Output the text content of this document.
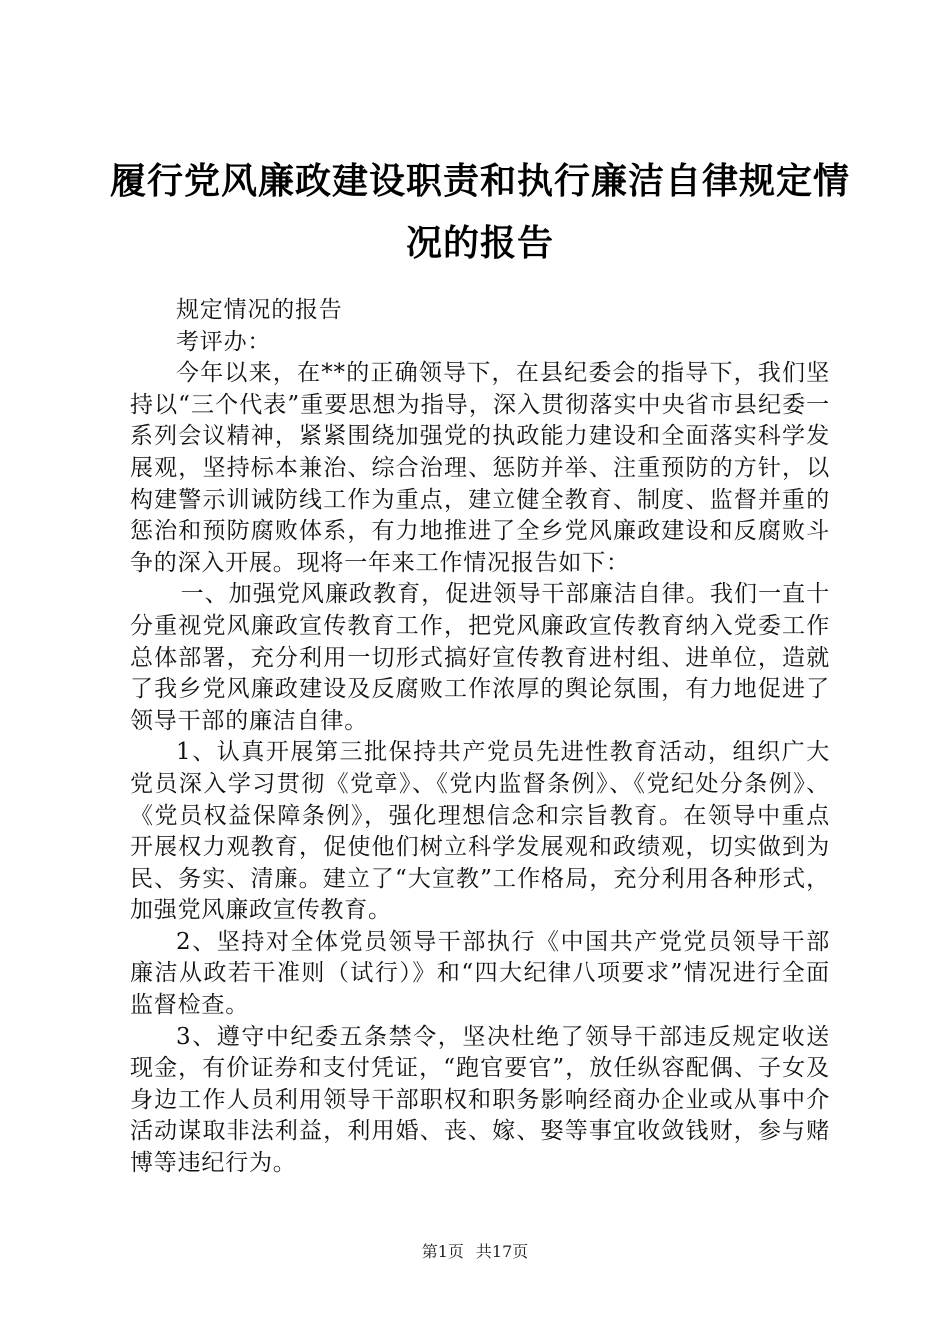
履行党风廉政建设职责和执行廉洁自律规定情
况的报告

规定情况的报告

考评办：

今年以来，在**的正确领导下，在县纪委会的指导下，我们坚持以“三个代表”重要思想为指导，深入贯彻落实中央省市县纪委一系列会议精神，紧紧围绕加强党的执政能力建设和全面落实科学发展观，坚持标本兼治、综合治理、惩防并举、注重预防的方针，以构建警示训诫防线工作为重点，建立健全教育、制度、监督并重的惩治和预防腐败体系，有力地推进了全乡党风廉政建设和反腐败斗争的深入开展。现将一年来工作情况报告如下：

一、加强党风廉政教育，促进领导干部廉洁自律。我们一直十分重视党风廉政宣传教育工作，把党风廉政宣传教育纳入党委工作总体部署，充分利用一切形式搞好宣传教育进村组、进单位，造就了我乡党风廉政建设及反腐败工作浓厚的舆论氛围，有力地促进了领导干部的廉洁自律。

1、认真开展第三批保持共产党员先进性教育活动，组织广大党员深入学习贯彻《党章》、《党内监督条例》、《党纪处分条例》、《党员权益保障条例》，强化理想信念和宗旨教育。在领导中重点开展权力观教育，促使他们树立科学发展观和政绩观，切实做到为民、务实、清廉。建立了“大宣教”工作格局，充分利用各种形式，加强党风廉政宣传教育。

2、坚持对全体党员领导干部执行《中国共产党党员领导干部廉洁从政若干准则（试行）》和“四大纪律八项要求”情况进行全面监督检查。

3、遵守中纪委五条禁令，坚决杜绝了领导干部违反规定收送现金，有价证券和支付凭证，“跑官要官”，放任纵容配偶、子女及身边工作人员利用领导干部职权和职务影响经商办企业或从事中介活动谋取非法利益，利用婚、丧、嫁、娶等事宜收敛钱财，参与赌博等违纪行为。

第1页 共17页
